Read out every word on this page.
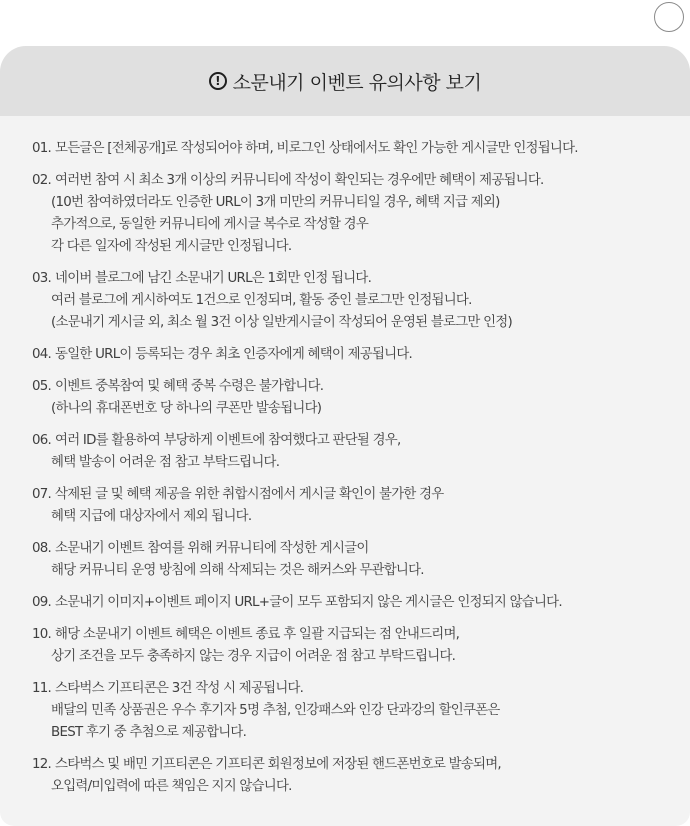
! 소문내기 이벤트 유의사항 보기
01. 모든글은 [전체공개]로 작성되어야 하며, 비로그인 상태에서도 확인 가능한 게시글만 인정됩니다.
02. 여러번 참여 시 최소 3개 이상의 커뮤니티에 작성이 확인되는 경우에만 혜택이 제공됩니다.
(10번 참여하였더라도 인증한 URL이 3개 미만의 커뮤니티일 경우, 혜택 지급 제외)
추가적으로, 동일한 커뮤니티에 게시글 복수로 작성할 경우
각 다른 일자에 작성된 게시글만 인정됩니다.
03. 네이버 블로그에 남긴 소문내기 URL은 1회만 인정 됩니다.
여러 블로그에 게시하여도 1건으로 인정되며, 활동 중인 블로그만 인정됩니다.
(소문내기 게시글 외, 최소 월 3건 이상 일반게시글이 작성되어 운영된 블로그만 인정)
04. 동일한 URL이 등록되는 경우 최초 인증자에게 혜택이 제공됩니다.
05. 이벤트 중복참여 및 혜택 중복 수령은 불가합니다.
(하나의 휴대폰번호 당 하나의 쿠폰만 발송됩니다)
06. 여러 ID를 활용하여 부당하게 이벤트에 참여했다고 판단될 경우,
혜택 발송이 어려운 점 참고 부탁드립니다.
07. 삭제된 글 및 혜택 제공을 위한 취합시점에서 게시글 확인이 불가한 경우
혜택 지급에 대상자에서 제외 됩니다.
08. 소문내기 이벤트 참여를 위해 커뮤니티에 작성한 게시글이
해당 커뮤니티 운영 방침에 의해 삭제되는 것은 해커스와 무관합니다.
09. 소문내기 이미지+이벤트 페이지 URL+글이 모두 포함되지 않은 게시글은 인정되지 않습니다.
10. 해당 소문내기 이벤트 혜택은 이벤트 종료 후 일괄 지급되는 점 안내드리며,
상기 조건을 모두 충족하지 않는 경우 지급이 어려운 점 참고 부탁드립니다.
11. 스타벅스 기프티콘은 3건 작성 시 제공됩니다.
배달의 민족 상품권은 우수 후기자 5명 추첨, 인강패스와 인강 단과강의 할인쿠폰은
BEST 후기 중 추첨으로 제공합니다.
12. 스타벅스 및 배민 기프티콘은 기프티콘 회원정보에 저장된 핸드폰번호로 발송되며,
오입력/미입력에 따른 책임은 지지 않습니다.
